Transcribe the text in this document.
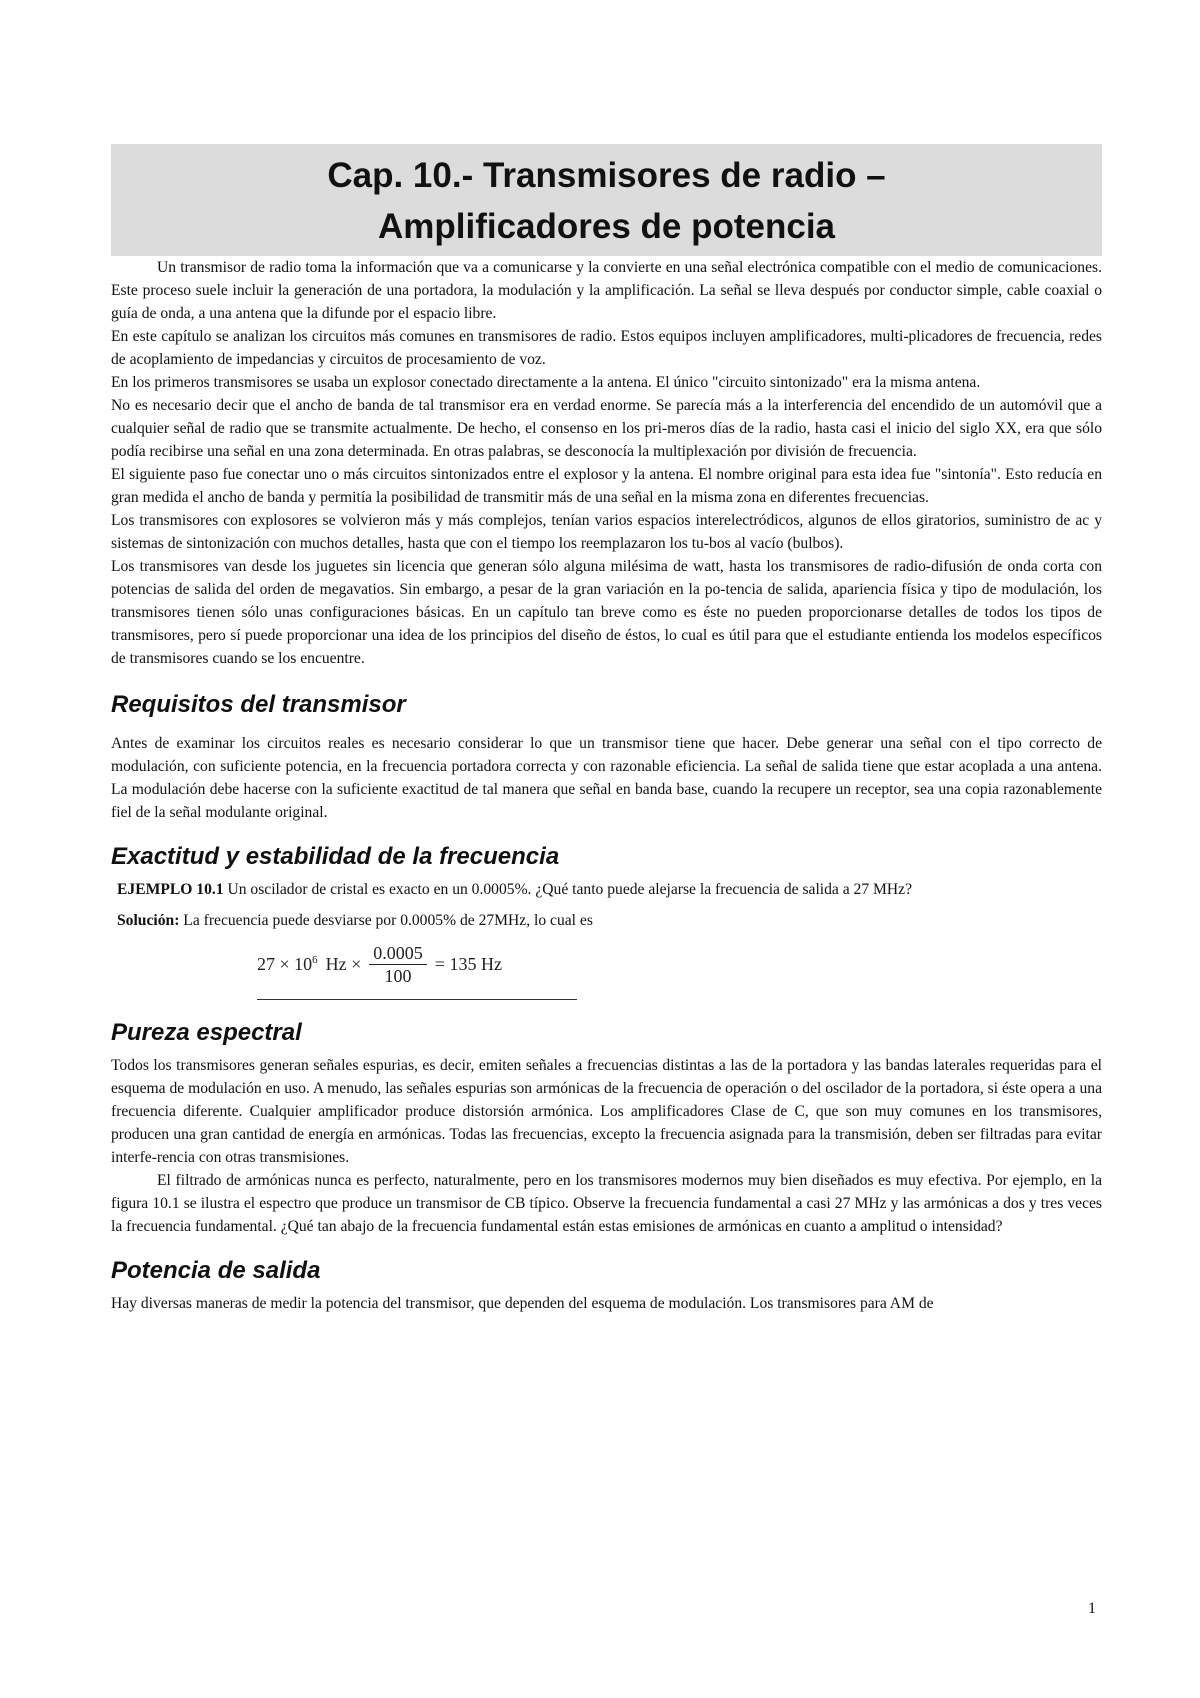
Cap. 10.- Transmisores de radio –
Amplificadores de potencia

Un transmisor de radio toma la información que va a comunicarse y la convierte en una señal electrónica compatible con el medio de comunicaciones. Este proceso suele incluir la generación de una portadora, la modulación y la amplificación. La señal se lleva después por conductor simple, cable coaxial o guía de onda, a una antena que la difunde por el espacio libre.

En este capítulo se analizan los circuitos más comunes en transmisores de radio. Estos equipos incluyen amplificadores, multi-plicadores de frecuencia, redes de acoplamiento de impedancias y circuitos de procesamiento de voz.

En los primeros transmisores se usaba un explosor conectado directamente a la antena. El único "circuito sintonizado" era la misma antena.

No es necesario decir que el ancho de banda de tal transmisor era en verdad enorme. Se parecía más a la interferencia del encendido de un automóvil que a cualquier señal de radio que se transmite actualmente. De hecho, el consenso en los pri-meros días de la radio, hasta casi el inicio del siglo XX, era que sólo podía recibirse una señal en una zona determinada. En otras palabras, se desconocía la multiplexación por división de frecuencia.

El siguiente paso fue conectar uno o más circuitos sintonizados entre el explosor y la antena. El nombre original para esta idea fue "sintonía". Esto reducía en gran medida el ancho de banda y permitía la posibilidad de transmitir más de una señal en la misma zona en diferentes frecuencias.

Los transmisores con explosores se volvieron más y más complejos, tenían varios espacios interelectródicos, algunos de ellos giratorios, suministro de ac y sistemas de sintonización con muchos detalles, hasta que con el tiempo los reemplazaron los tu-bos al vacío (bulbos).

Los transmisores van desde los juguetes sin licencia que generan sólo alguna milésima de watt, hasta los transmisores de radio-difusión de onda corta con potencias de salida del orden de megavatios. Sin embargo, a pesar de la gran variación en la po-tencia de salida, apariencia física y tipo de modulación, los transmisores tienen sólo unas configuraciones básicas. En un capítulo tan breve como es éste no pueden proporcionarse detalles de todos los tipos de transmisores, pero sí puede proporcionar una idea de los principios del diseño de éstos, lo cual es útil para que el estudiante entienda los modelos específicos de transmisores cuando se los encuentre.

Requisitos del transmisor

Antes de examinar los circuitos reales es necesario considerar lo que un transmisor tiene que hacer. Debe generar una señal con el tipo correcto de modulación, con suficiente potencia, en la frecuencia portadora correcta y con razonable eficiencia. La señal de salida tiene que estar acoplada a una antena. La modulación debe hacerse con la suficiente exactitud de tal manera que señal en banda base, cuando la recupere un receptor, sea una copia razonablemente fiel de la señal modulante original.

Exactitud y estabilidad de la frecuencia

EJEMPLO 10.1 Un oscilador de cristal es exacto en un 0.0005%. ¿Qué tanto puede alejarse la frecuencia de salida a 27 MHz?

Solución: La frecuencia puede desviarse por 0.0005% de 27MHz, lo cual es

$27 \times 10^6$ $Hz \times \frac{0.0005}{100} = 135$ Hz
Pureza espectral

Todos los transmisores generan señales espurias, es decir, emiten señales a frecuencias distintas a las de la portadora y las bandas laterales requeridas para el esquema de modulación en uso. A menudo, las señales espurias son armónicas de la frecuencia de operación o del oscilador de la portadora, si éste opera a una frecuencia diferente. Cualquier amplificador produce distorsión armónica. Los amplificadores Clase de C, que son muy comunes en los transmisores, producen una gran cantidad de energía en armónicas. Todas las frecuencias, excepto la frecuencia asignada para la transmisión, deben ser filtradas para evitar interfe-rencia con otras transmisiones.

El filtrado de armónicas nunca es perfecto, naturalmente, pero en los transmisores modernos muy bien diseñados es muy efectiva. Por ejemplo, en la figura 10.1 se ilustra el espectro que produce un transmisor de CB típico. Observe la frecuencia fundamental a casi 27 MHz y las armónicas a dos y tres veces la frecuencia fundamental. ¿Qué tan abajo de la frecuencia fundamental están estas emisiones de armónicas en cuanto a amplitud o intensidad?

Potencia de salida

Hay diversas maneras de medir la potencia del transmisor, que dependen del esquema de modulación. Los transmisores para AM de

1
